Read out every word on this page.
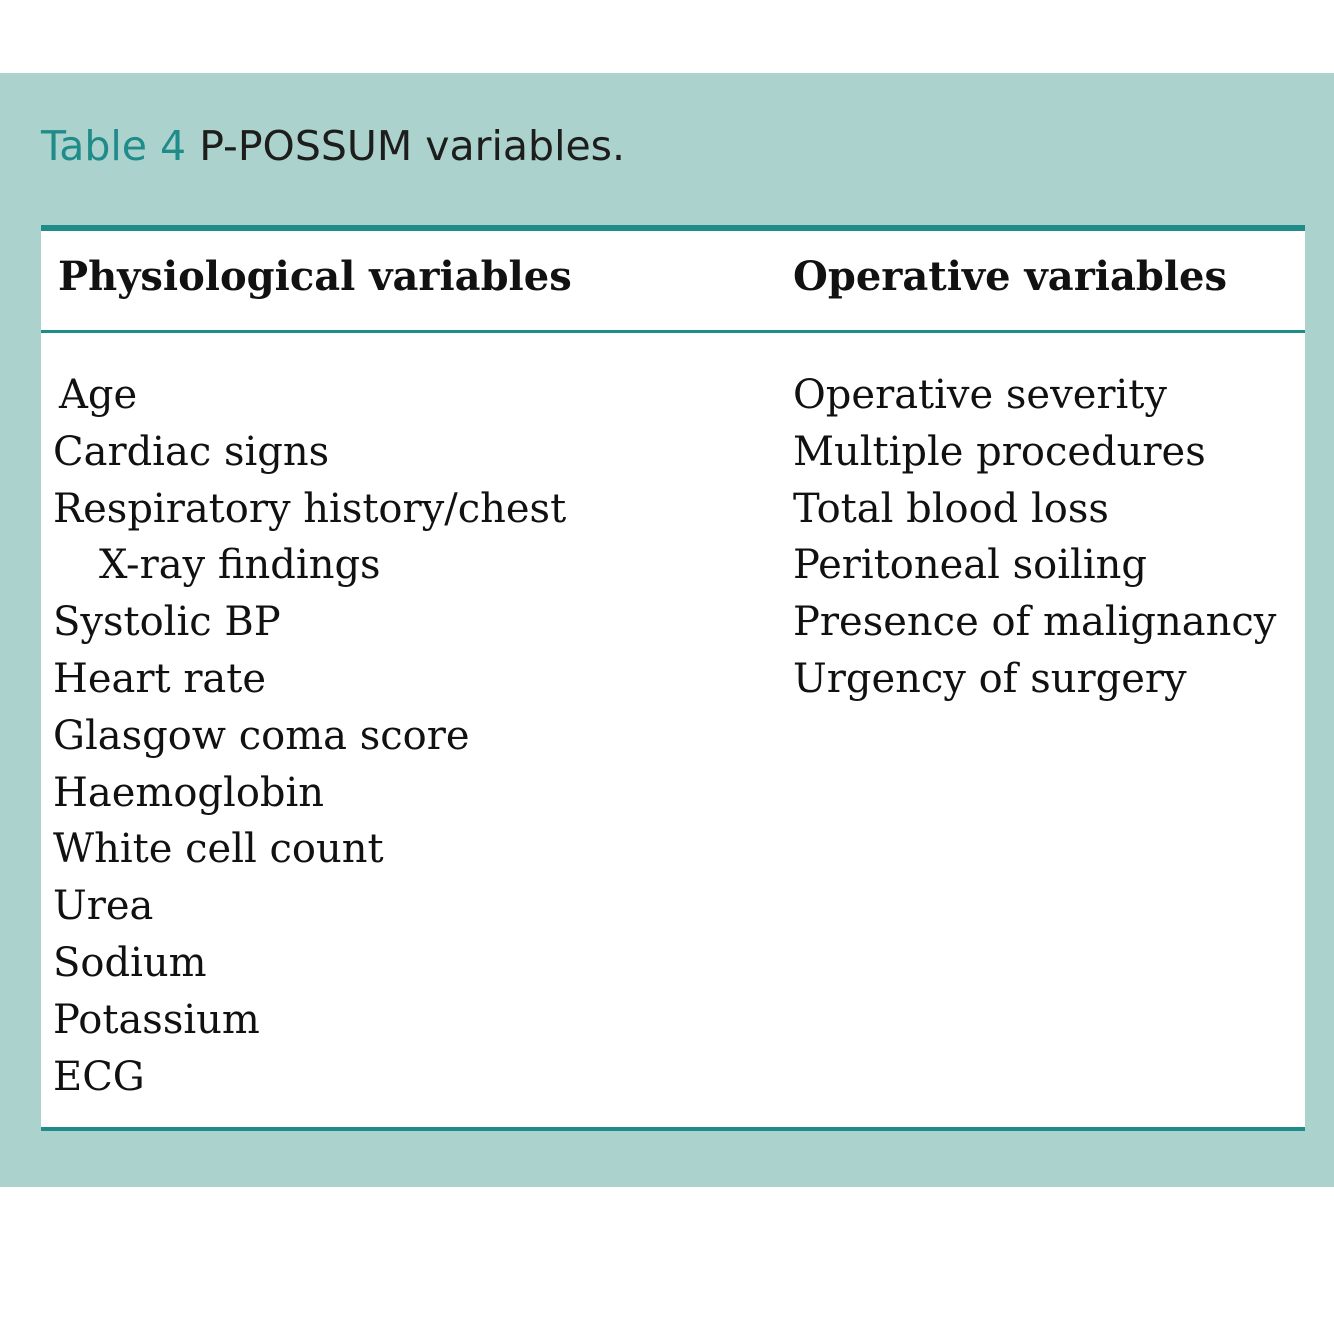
Table 4 P-POSSUM variables.
Physiological variables	Operative variables
Age
Cardiac signs
Respiratory history/chest
X-ray findings
Systolic BP
Heart rate
Glasgow coma score
Haemoglobin
White cell count
Urea
Sodium
Potassium
ECG
Operative severity
Multiple procedures
Total blood loss
Peritoneal soiling
Presence of malignancy
Urgency of surgery
